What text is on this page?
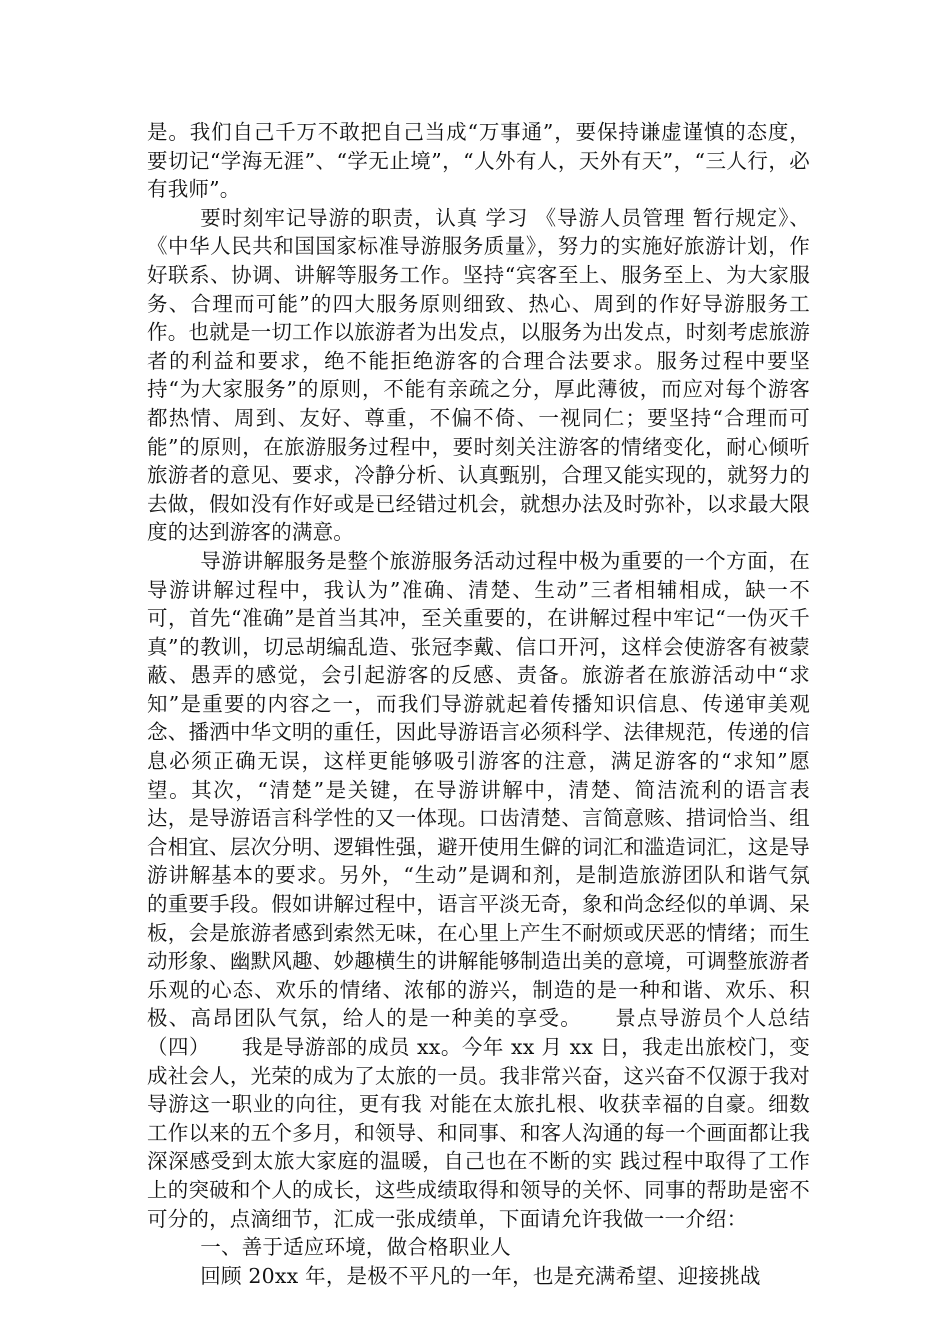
是。我们自己千万不敢把自己当成“万事通”，要保持谦虚谨慎的态度，要切记“学海无涯”、“学无止境”，“人外有人，天外有天”，“三人行，必有我师”。

要时刻牢记导游的职责，认真 学习 《导游人员管理 暂行规定》、《中华人民共和国国家标准导游服务质量》，努力的实施好旅游计划，作好联系、协调、讲解等服务工作。坚持“宾客至上、服务至上、为大家服务、合理而可能”的四大服务原则细致、热心、周到的作好导游服务工作。也就是一切工作以旅游者为出发点，以服务为出发点，时刻考虑旅游者的利益和要求，绝不能拒绝游客的合理合法要求。服务过程中要坚持“为大家服务”的原则，不能有亲疏之分，厚此薄彼，而应对每个游客都热情、周到、友好、尊重，不偏不倚、一视同仁；要坚持“合理而可能”的原则，在旅游服务过程中，要时刻关注游客的情绪变化，耐心倾听旅游者的意见、要求，冷静分析、认真甄别，合理又能实现的，就努力的去做，假如没有作好或是已经错过机会，就想办法及时弥补，以求最大限度的达到游客的满意。

导游讲解服务是整个旅游服务活动过程中极为重要的一个方面，在导游讲解过程中，我认为”准确、清楚、生动”三者相辅相成，缺一不可，首先“准确”是首当其冲，至关重要的，在讲解过程中牢记“一伪灭千真”的教训，切忌胡编乱造、张冠李戴、信口开河，这样会使游客有被蒙蔽、愚弄的感觉，会引起游客的反感、责备。旅游者在旅游活动中“求知”是重要的内容之一，而我们导游就起着传播知识信息、传递审美观念、播洒中华文明的重任，因此导游语言必须科学、法律规范，传递的信息必须正确无误，这样更能够吸引游客的注意，满足游客的“求知”愿望。其次，“清楚”是关键，在导游讲解中，清楚、简洁流利的语言表达，是导游语言科学性的又一体现。口齿清楚、言简意赅、措词恰当、组合相宜、层次分明、逻辑性强，避开使用生僻的词汇和滥造词汇，这是导游讲解基本的要求。另外，“生动”是调和剂，是制造旅游团队和谐气氛的重要手段。假如讲解过程中，语言平淡无奇，象和尚念经似的单调、呆板，会是旅游者感到索然无味，在心里上产生不耐烦或厌恶的情绪；而生动形象、幽默风趣、妙趣横生的讲解能够制造出美的意境，可调整旅游者乐观的心态、欢乐的情绪、浓郁的游兴，制造的是一种和谐、欢乐、积极、高昂团队气氛，给人的是一种美的享受。　　景点导游员个人总结（四）　　我是导游部的成员 xx。今年 xx 月 xx 日，我走出旅校门，变成社会人，光荣的成为了太旅的一员。我非常兴奋，这兴奋不仅源于我对导游这一职业的向往，更有我 对能在太旅扎根、收获幸福的自豪。细数工作以来的五个多月，和领导、和同事、和客人沟通的每一个画面都让我深深感受到太旅大家庭的温暖，自己也在不断的实 践过程中取得了工作上的突破和个人的成长，这些成绩取得和领导的关怀、同事的帮助是密不可分的，点滴细节，汇成一张成绩单，下面请允许我做一一介绍：

一、善于适应环境，做合格职业人

回顾 20xx 年，是极不平凡的一年，也是充满希望、迎接挑战
